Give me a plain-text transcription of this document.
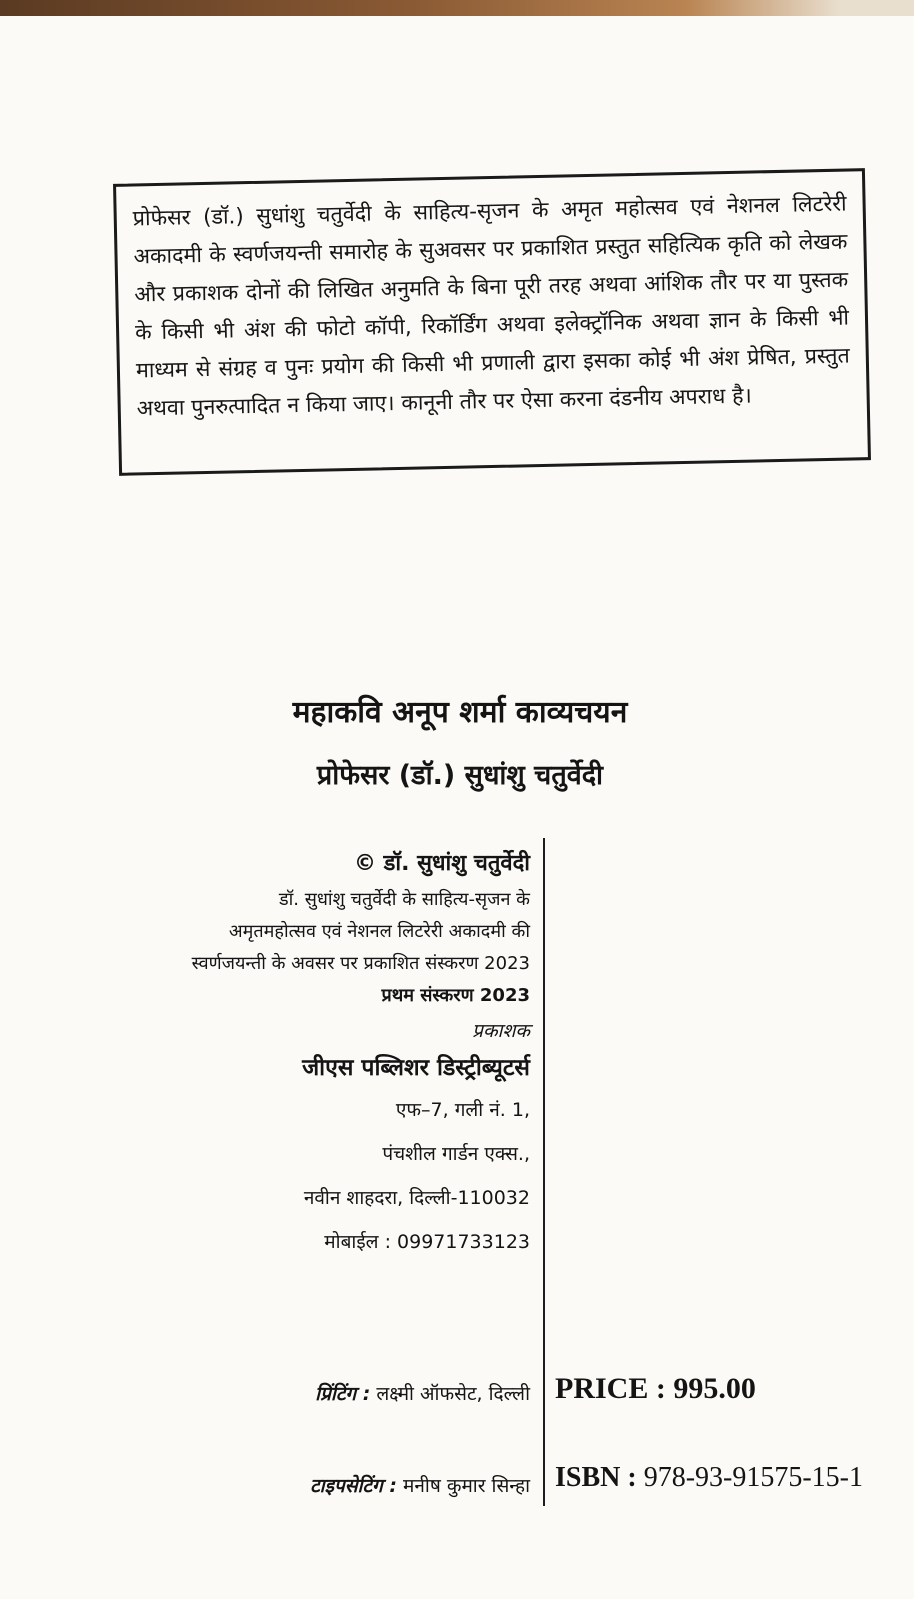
प्रोफेसर (डॉ.) सुधांशु चतुर्वेदी के साहित्य-सृजन के अमृत महोत्सव एवं नेशनल लिटरेरी अकादमी के स्वर्णजयन्ती समारोह के सुअवसर पर प्रकाशित प्रस्तुत सहित्यिक कृति को लेखक और प्रकाशक दोनों की लिखित अनुमति के बिना पूरी तरह अथवा आंशिक तौर पर या पुस्तक के किसी भी अंश की फोटो कॉपी, रिकॉर्डिंग अथवा इलेक्ट्रॉनिक अथवा ज्ञान के किसी भी माध्यम से संग्रह व पुनः प्रयोग की किसी भी प्रणाली द्वारा इसका कोई भी अंश प्रेषित, प्रस्तुत अथवा पुनरुत्पादित न किया जाए। कानूनी तौर पर ऐसा करना दंडनीय अपराध है।

महाकवि अनूप शर्मा काव्यचयन
प्रोफेसर (डॉ.) सुधांशु चतुर्वेदी
© डॉ. सुधांशु चतुर्वेदी
डॉ. सुधांशु चतुर्वेदी के साहित्य-सृजन के
अमृतमहोत्सव एवं नेशनल लिटरेरी अकादमी की
स्वर्णजयन्ती के अवसर पर प्रकाशित संस्करण 2023
प्रथम संस्करण 2023
प्रकाशक
जीएस पब्लिशर डिस्ट्रीब्यूटर्स
एफ–7, गली नं. 1,
पंचशील गार्डन एक्स.,
नवीन शाहदरा, दिल्ली-110032
मोबाईल : 09971733123
प्रिंटिंग : लक्ष्मी ऑफसेट, दिल्ली
टाइपसेटिंग : मनीष कुमार सिन्हा
PRICE : 995.00
ISBN : 978-93-91575-15-1
